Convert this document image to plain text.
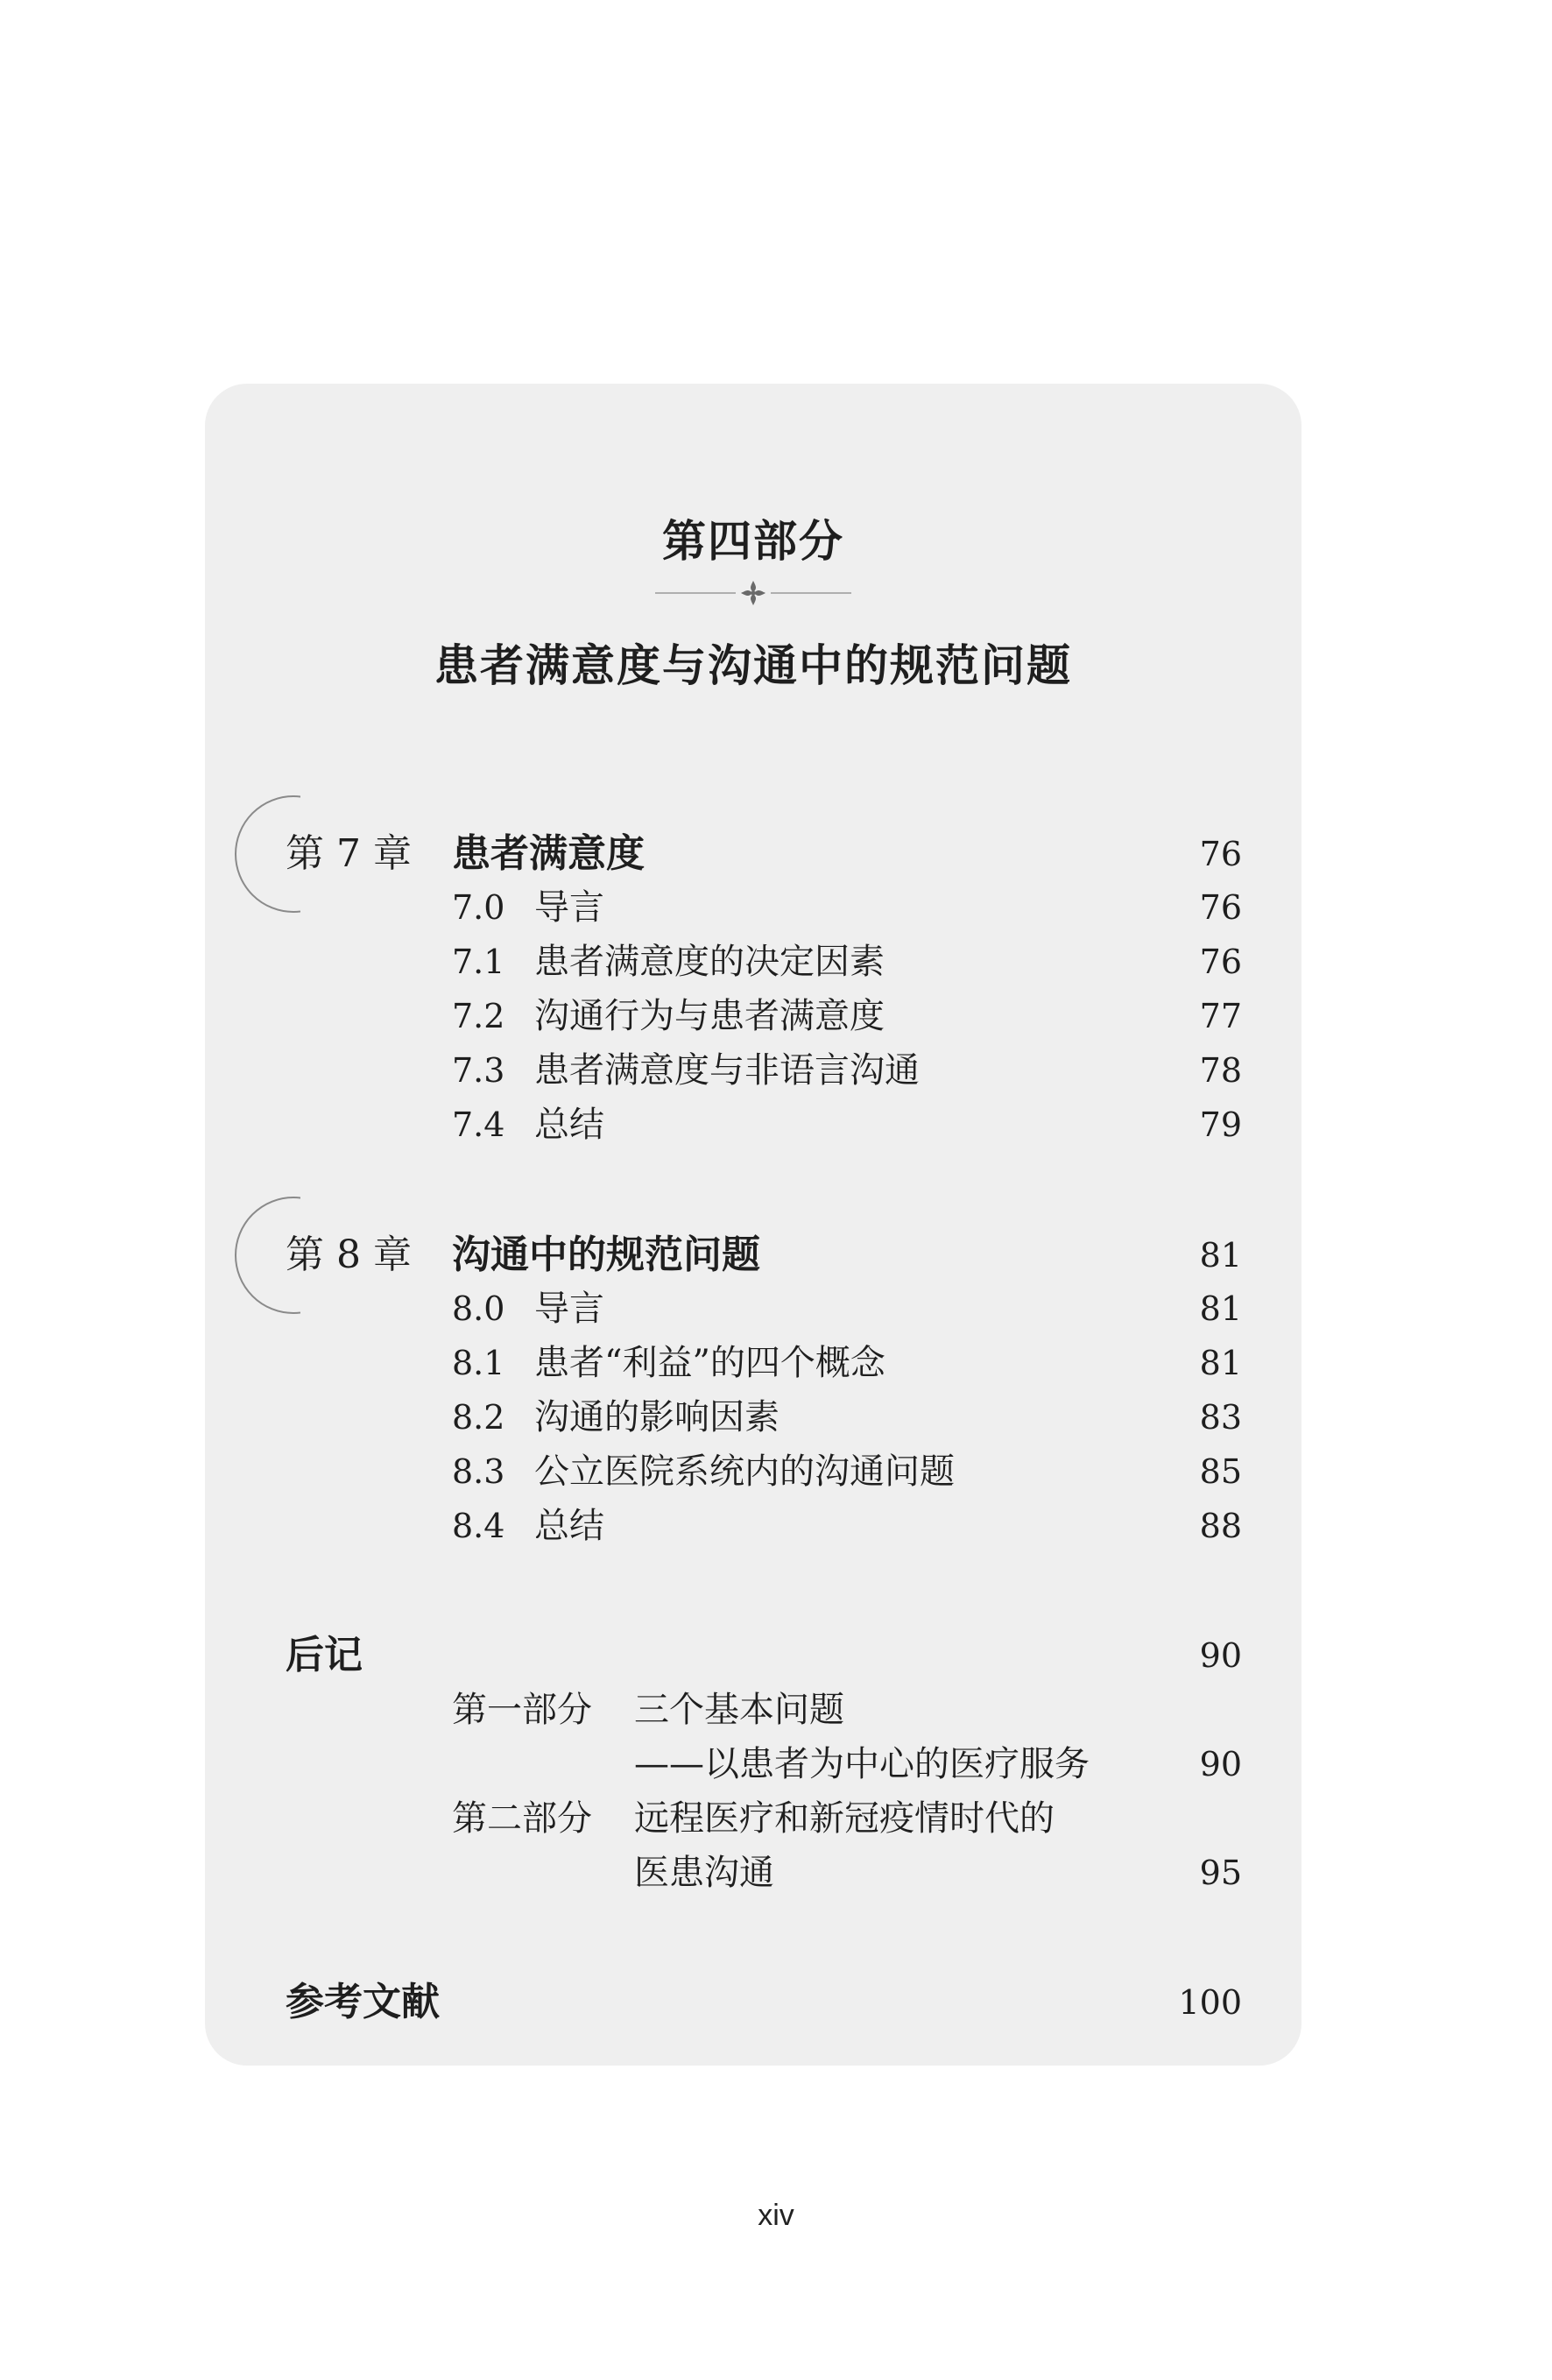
第四部分
患者满意度与沟通中的规范问题
第 7 章 患者满意度	76
7.0 导言	76
7.1 患者满意度的决定因素	76
7.2 沟通行为与患者满意度	77
7.3 患者满意度与非语言沟通	78
7.4 总结	79
第 8 章 沟通中的规范问题	81
8.0 导言	81
8.1 患者“利益”的四个概念	81
8.2 沟通的影响因素	83
8.3 公立医院系统内的沟通问题	85
8.4 总结	88
后记	90
第一部分 三个基本问题
——以患者为中心的医疗服务	90
第二部分 远程医疗和新冠疫情时代的
医患沟通	95
参考文献	100
xiv
